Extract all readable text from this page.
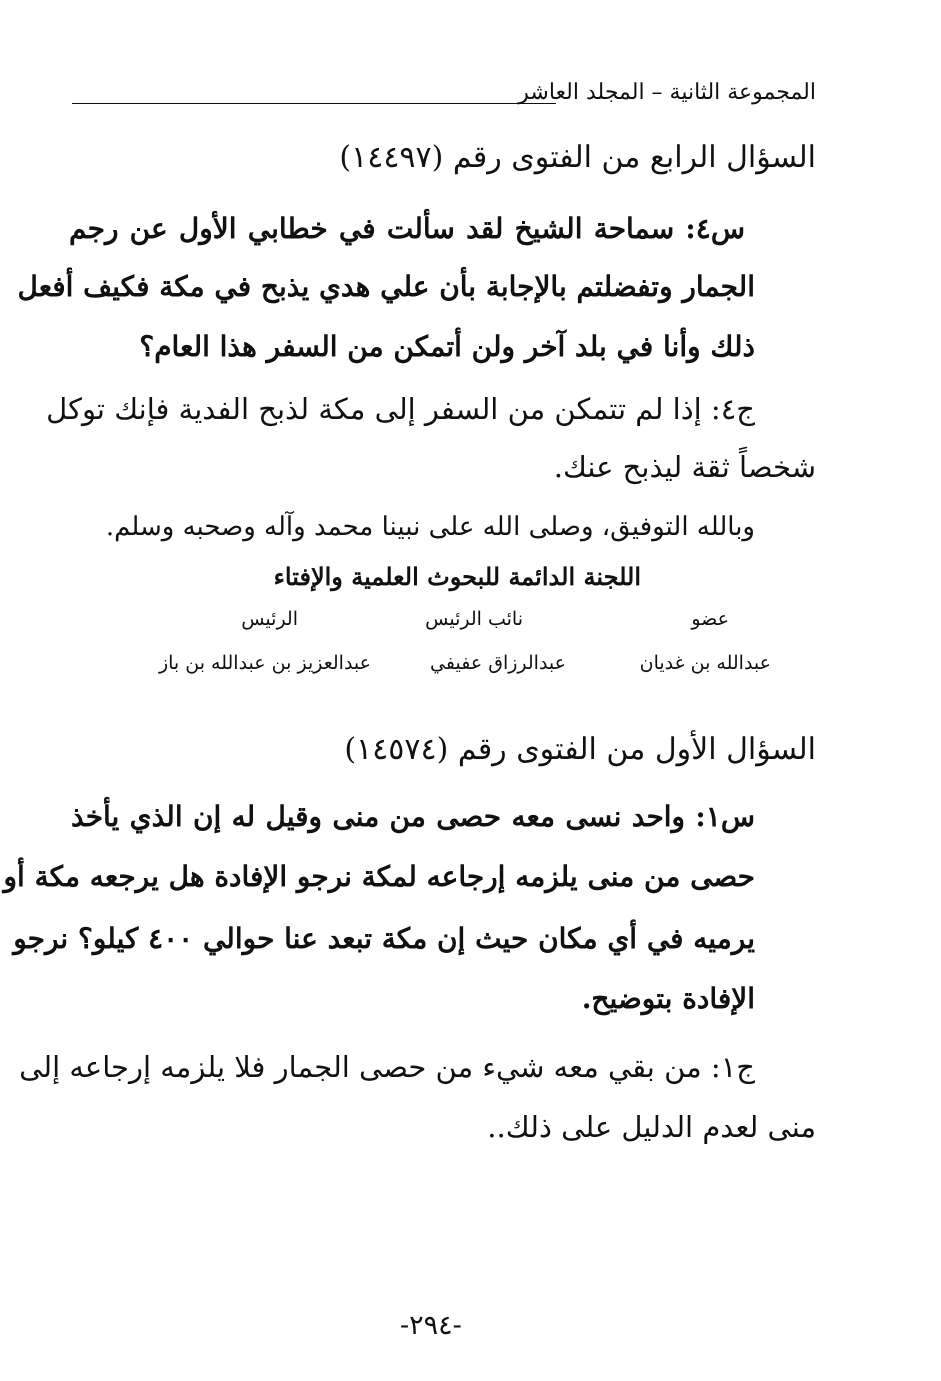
المجموعة الثانية – المجلد العاشر
السؤال الرابع من الفتوى رقم (١٤٤٩٧)
س٤: سماحة الشيخ لقد سألت في خطابي الأول عن رجم
الجمار وتفضلتم بالإجابة بأن علي هدي يذبح في مكة فكيف أفعل
ذلك وأنا في بلد آخر ولن أتمكن من السفر هذا العام؟
ج٤: إذا لم تتمكن من السفر إلى مكة لذبح الفدية فإنك توكل
شخصاً ثقة ليذبح عنك.
وبالله التوفيق، وصلى الله على نبينا محمد وآله وصحبه وسلم.
اللجنة الدائمة للبحوث العلمية والإفتاء
عضو
نائب الرئيس
الرئيس
عبدالله بن غديان
عبدالرزاق عفيفي
عبدالعزيز بن عبدالله بن باز
السؤال الأول من الفتوى رقم (١٤٥٧٤)
س١: واحد نسى معه حصى من منى وقيل له إن الذي يأخذ
حصى من منى يلزمه إرجاعه لمكة نرجو الإفادة هل يرجعه مكة أو
يرميه في أي مكان حيث إن مكة تبعد عنا حوالي ٤٠٠ كيلو؟ نرجو
الإفادة بتوضيح.
ج١: من بقي معه شيء من حصى الجمار فلا يلزمه إرجاعه إلى
منى لعدم الدليل على ذلك..
-٢٩٤-
